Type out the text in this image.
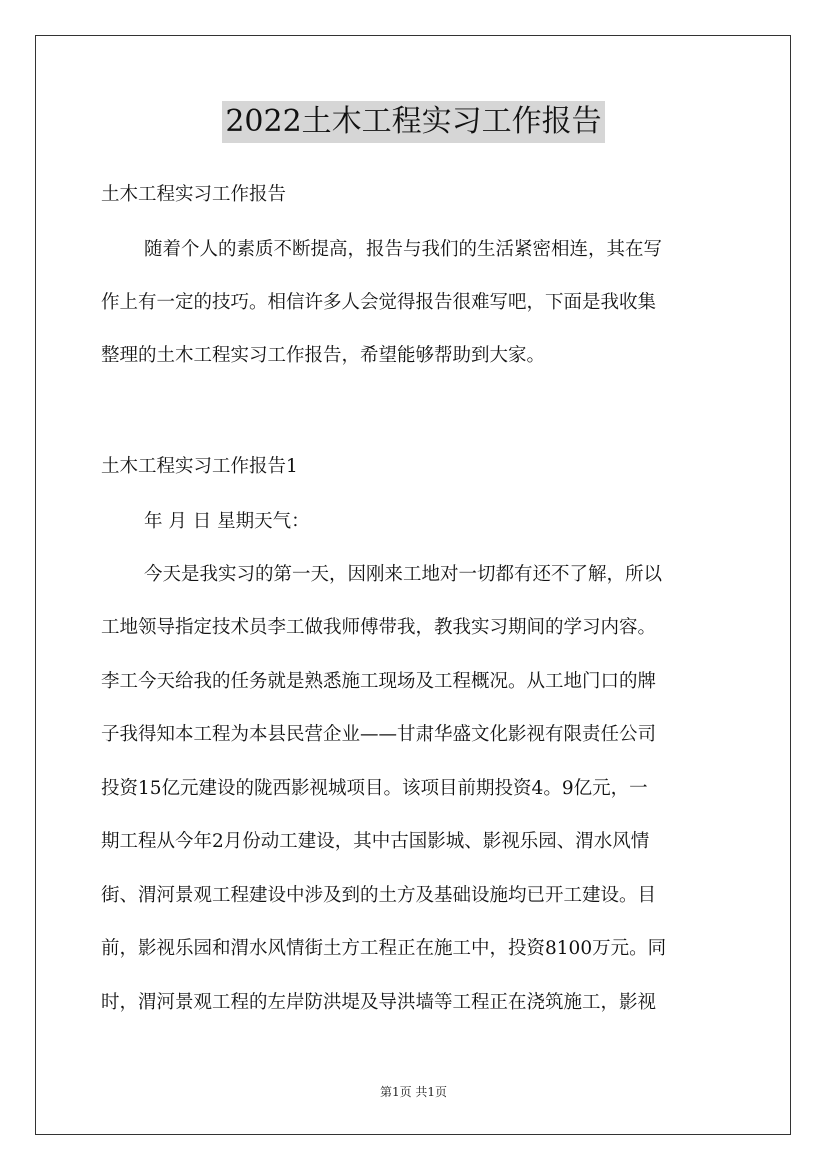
2022土木工程实习工作报告
土木工程实习工作报告
随着个人的素质不断提高，报告与我们的生活紧密相连，其在写
作上有一定的技巧。相信许多人会觉得报告很难写吧，下面是我收集
整理的土木工程实习工作报告，希望能够帮助到大家。
土木工程实习工作报告1
年 月 日 星期天气：
今天是我实习的第一天，因刚来工地对一切都有还不了解，所以
工地领导指定技术员李工做我师傅带我，教我实习期间的学习内容。
李工今天给我的任务就是熟悉施工现场及工程概况。从工地门口的牌
子我得知本工程为本县民营企业——甘肃华盛文化影视有限责任公司
投资15亿元建设的陇西影视城项目。该项目前期投资4。9亿元，一
期工程从今年2月份动工建设，其中古国影城、影视乐园、渭水风情
街、渭河景观工程建设中涉及到的土方及基础设施均已开工建设。目
前，影视乐园和渭水风情街土方工程正在施工中，投资8100万元。同
时，渭河景观工程的左岸防洪堤及导洪墙等工程正在浇筑施工，影视
第1页 共1页
